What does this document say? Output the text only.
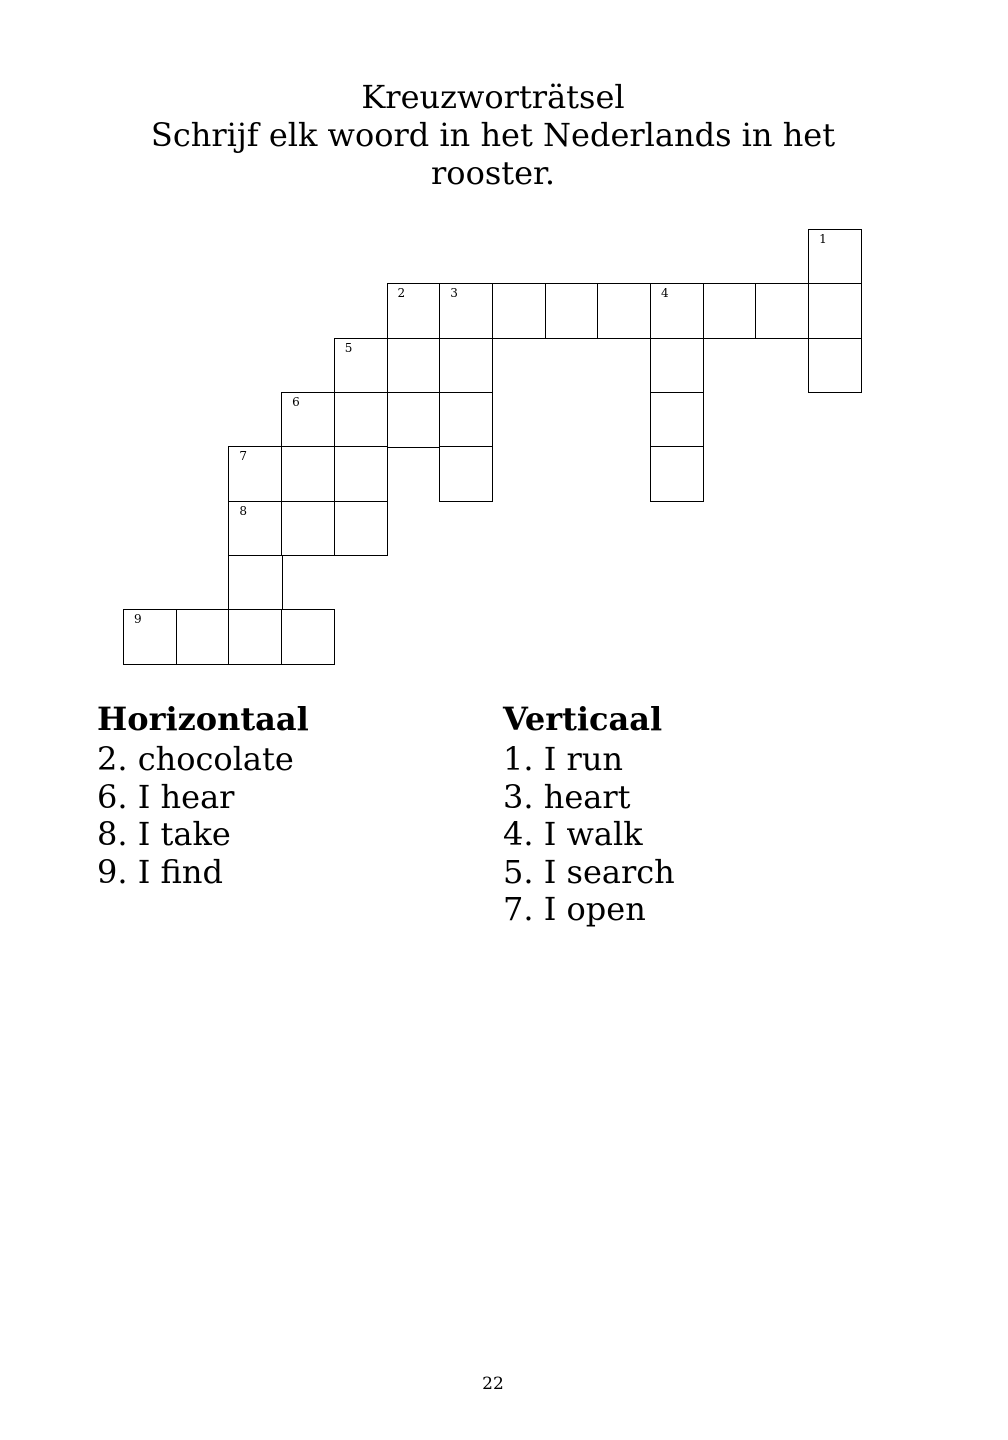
Kreuzworträtsel
Schrijf elk woord in het Nederlands in het
rooster.
1
2	3	4
5
6
7
8
9
Horizontaal
2. chocolate
6. I hear
8. I take
9. I find
Verticaal
1. I run
3. heart
4. I walk
5. I search
7. I open
22
